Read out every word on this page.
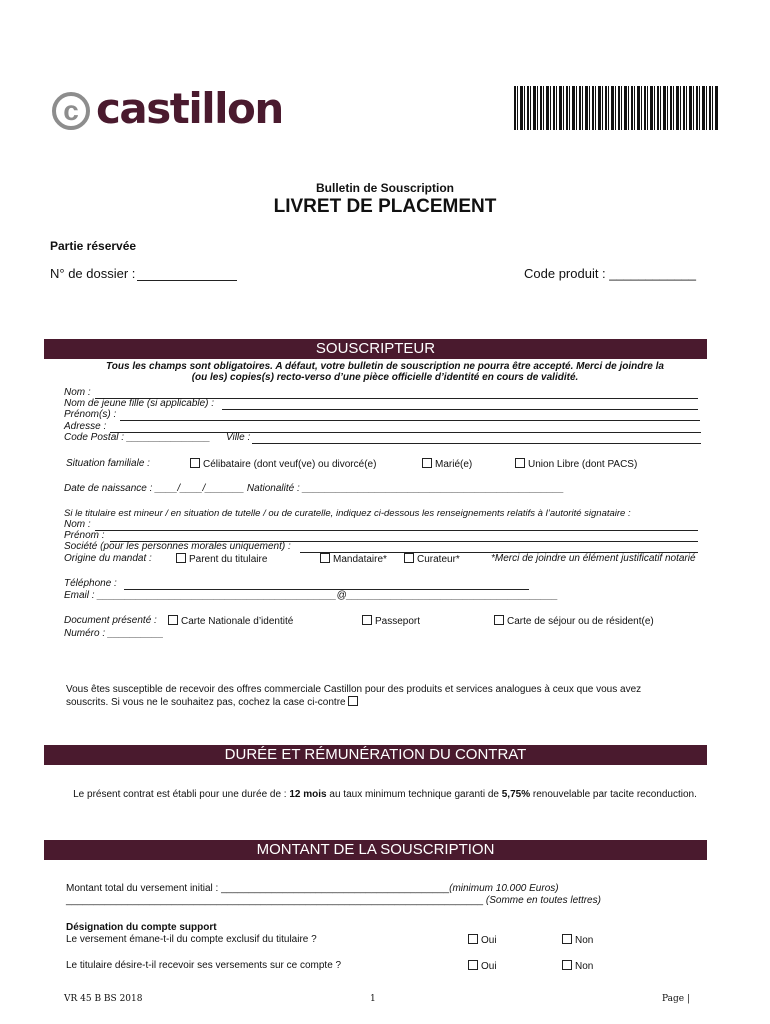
c castillon
Bulletin de Souscription
LIVRET DE PLACEMENT
Partie réservée
N° de dossier :	Code produit : ____________
SOUSCRIPTEUR
Tous les champs sont obligatoires. A défaut, votre bulletin de souscription ne pourra être accepté. Merci de joindre la
(ou les) copies(s) recto-verso d’une pièce officielle d’identité en cours de validité.
Nom :
Nom de jeune fille (si applicable) :
Prénom(s) :
Adresse :
Code Postal : _______________ Ville :
Situation familiale :	Célibataire (dont veuf(ve) ou divorcé(e)	Marié(e)	Union Libre (dont PACS)
Date de naissance : ____/____/_______ Nationalité : _______________________________________________
Si le titulaire est mineur / en situation de tutelle / ou de curatelle, indiquez ci-dessous les renseignements relatifs à l’autorité signataire :
Nom :
Prénom :
Société (pour les personnes morales uniquement) :
Origine du mandat :	Parent du titulaire	Mandataire*	Curateur*	*Merci de joindre un élément justificatif notarié
Téléphone :
Email : ___________________________________________@______________________________________
Document présenté :	Carte Nationale d’identité	Passeport	Carte de séjour ou de résident(e)
Numéro : __________
Vous êtes susceptible de recevoir des offres commerciale Castillon pour des produits et services analogues à ceux que vous avez
souscrits. Si vous ne le souhaitez pas, cochez la case ci-contre
DURÉE ET RÉMUNÉRATION DU CONTRAT
Le présent contrat est établi pour une durée de : 12 mois au taux minimum technique garanti de 5,75% renouvelable par tacite reconduction.
MONTANT DE LA SOUSCRIPTION
Montant total du versement initial : _________________________________________(minimum 10.000 Euros)
___________________________________________________________________________ (Somme en toutes lettres)
Désignation du compte support
Le versement émane-t-il du compte exclusif du titulaire ?	Oui	Non
Le titulaire désire-t-il recevoir ses versements sur ce compte ?	Oui	Non
VR 45 B BS 2018	1	Page |
